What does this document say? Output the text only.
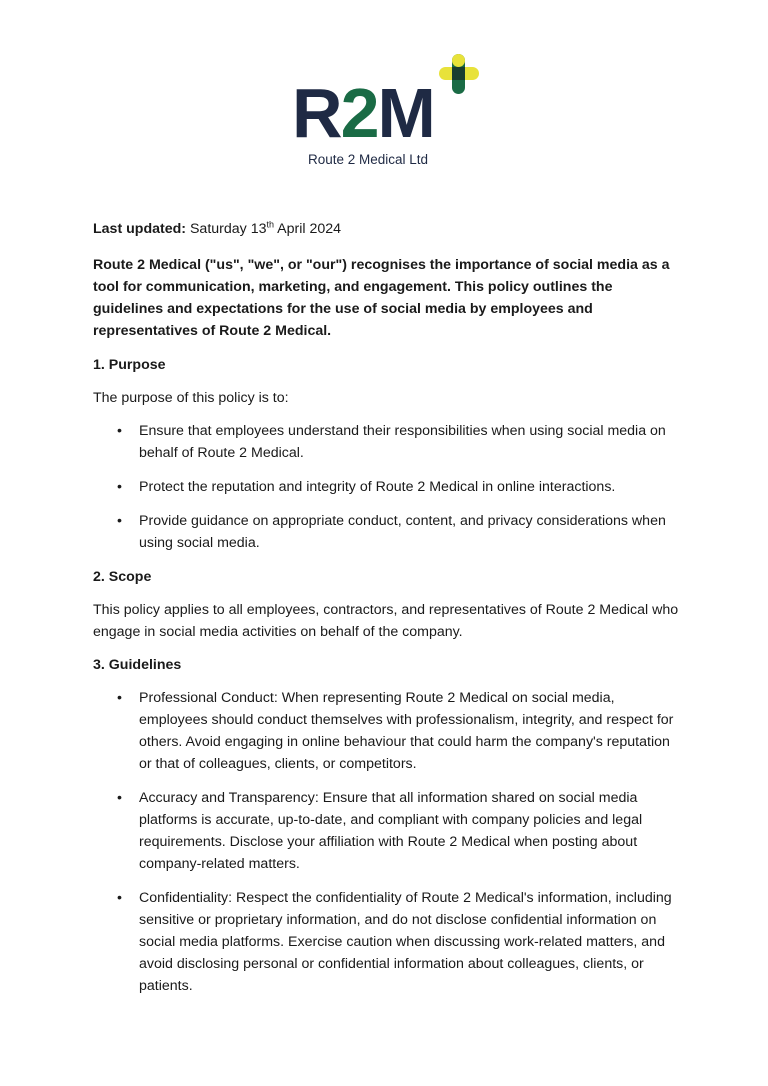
R2M
Route 2 Medical Ltd

Last updated: Saturday 13th April 2024

Route 2 Medical ("us", "we", or "our") recognises the importance of social media as a tool for communication, marketing, and engagement. This policy outlines the guidelines and expectations for the use of social media by employees and representatives of Route 2 Medical.

1. Purpose

The purpose of this policy is to:

• Ensure that employees understand their responsibilities when using social media on behalf of Route 2 Medical.
• Protect the reputation and integrity of Route 2 Medical in online interactions.
• Provide guidance on appropriate conduct, content, and privacy considerations when using social media.
2. Scope

This policy applies to all employees, contractors, and representatives of Route 2 Medical who engage in social media activities on behalf of the company.

3. Guidelines
• Professional Conduct: When representing Route 2 Medical on social media, employees should conduct themselves with professionalism, integrity, and respect for others. Avoid engaging in online behaviour that could harm the company's reputation or that of colleagues, clients, or competitors.
• Accuracy and Transparency: Ensure that all information shared on social media platforms is accurate, up-to-date, and compliant with company policies and legal requirements. Disclose your affiliation with Route 2 Medical when posting about company-related matters.
• Confidentiality: Respect the confidentiality of Route 2 Medical's information, including sensitive or proprietary information, and do not disclose confidential information on social media platforms. Exercise caution when discussing work-related matters, and avoid disclosing personal or confidential information about colleagues, clients, or patients.
